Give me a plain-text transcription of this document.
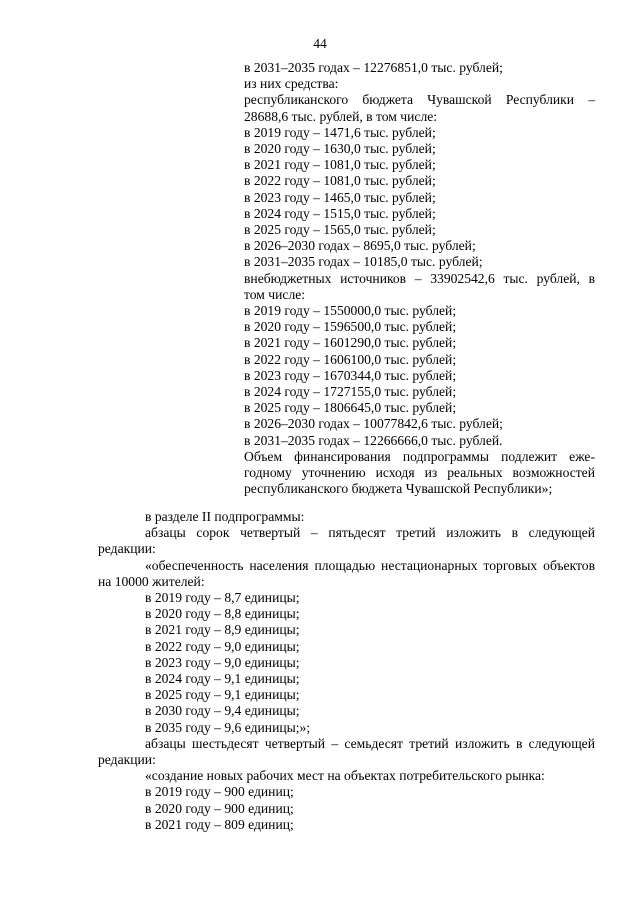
44
в 2031–2035 годах – 12276851,0 тыс. рублей;
из них средства:
республиканского бюджета Чувашской Республики –
28688,6 тыс. рублей, в том числе:
в 2019 году – 1471,6 тыс. рублей;
в 2020 году – 1630,0 тыс. рублей;
в 2021 году – 1081,0 тыс. рублей;
в 2022 году – 1081,0 тыс. рублей;
в 2023 году – 1465,0 тыс. рублей;
в 2024 году – 1515,0 тыс. рублей;
в 2025 году – 1565,0 тыс. рублей;
в 2026–2030 годах – 8695,0 тыс. рублей;
в 2031–2035 годах – 10185,0 тыс. рублей;
внебюджетных источников – 33902542,6 тыс. рублей, в
том числе:
в 2019 году – 1550000,0 тыс. рублей;
в 2020 году – 1596500,0 тыс. рублей;
в 2021 году – 1601290,0 тыс. рублей;
в 2022 году – 1606100,0 тыс. рублей;
в 2023 году – 1670344,0 тыс. рублей;
в 2024 году – 1727155,0 тыс. рублей;
в 2025 году – 1806645,0 тыс. рублей;
в 2026–2030 годах – 10077842,6 тыс. рублей;
в 2031–2035 годах – 12266666,0 тыс. рублей.
Объем финансирования подпрограммы подлежит еже-
годному уточнению исходя из реальных возможностей
республиканского бюджета Чувашской Республики»;
в разделе II подпрограммы:
абзацы сорок четвертый – пятьдесят третий изложить в следующей редакции:
«обеспеченность населения площадью нестационарных торговых объектов на 10000 жителей:
в 2019 году – 8,7 единицы;
в 2020 году – 8,8 единицы;
в 2021 году – 8,9 единицы;
в 2022 году – 9,0 единицы;
в 2023 году – 9,0 единицы;
в 2024 году – 9,1 единицы;
в 2025 году – 9,1 единицы;
в 2030 году – 9,4 единицы;
в 2035 году – 9,6 единицы;»;
абзацы шестьдесят четвертый – семьдесят третий изложить в следующей редакции:
«создание новых рабочих мест на объектах потребительского рынка:
в 2019 году – 900 единиц;
в 2020 году – 900 единиц;
в 2021 году – 809 единиц;
